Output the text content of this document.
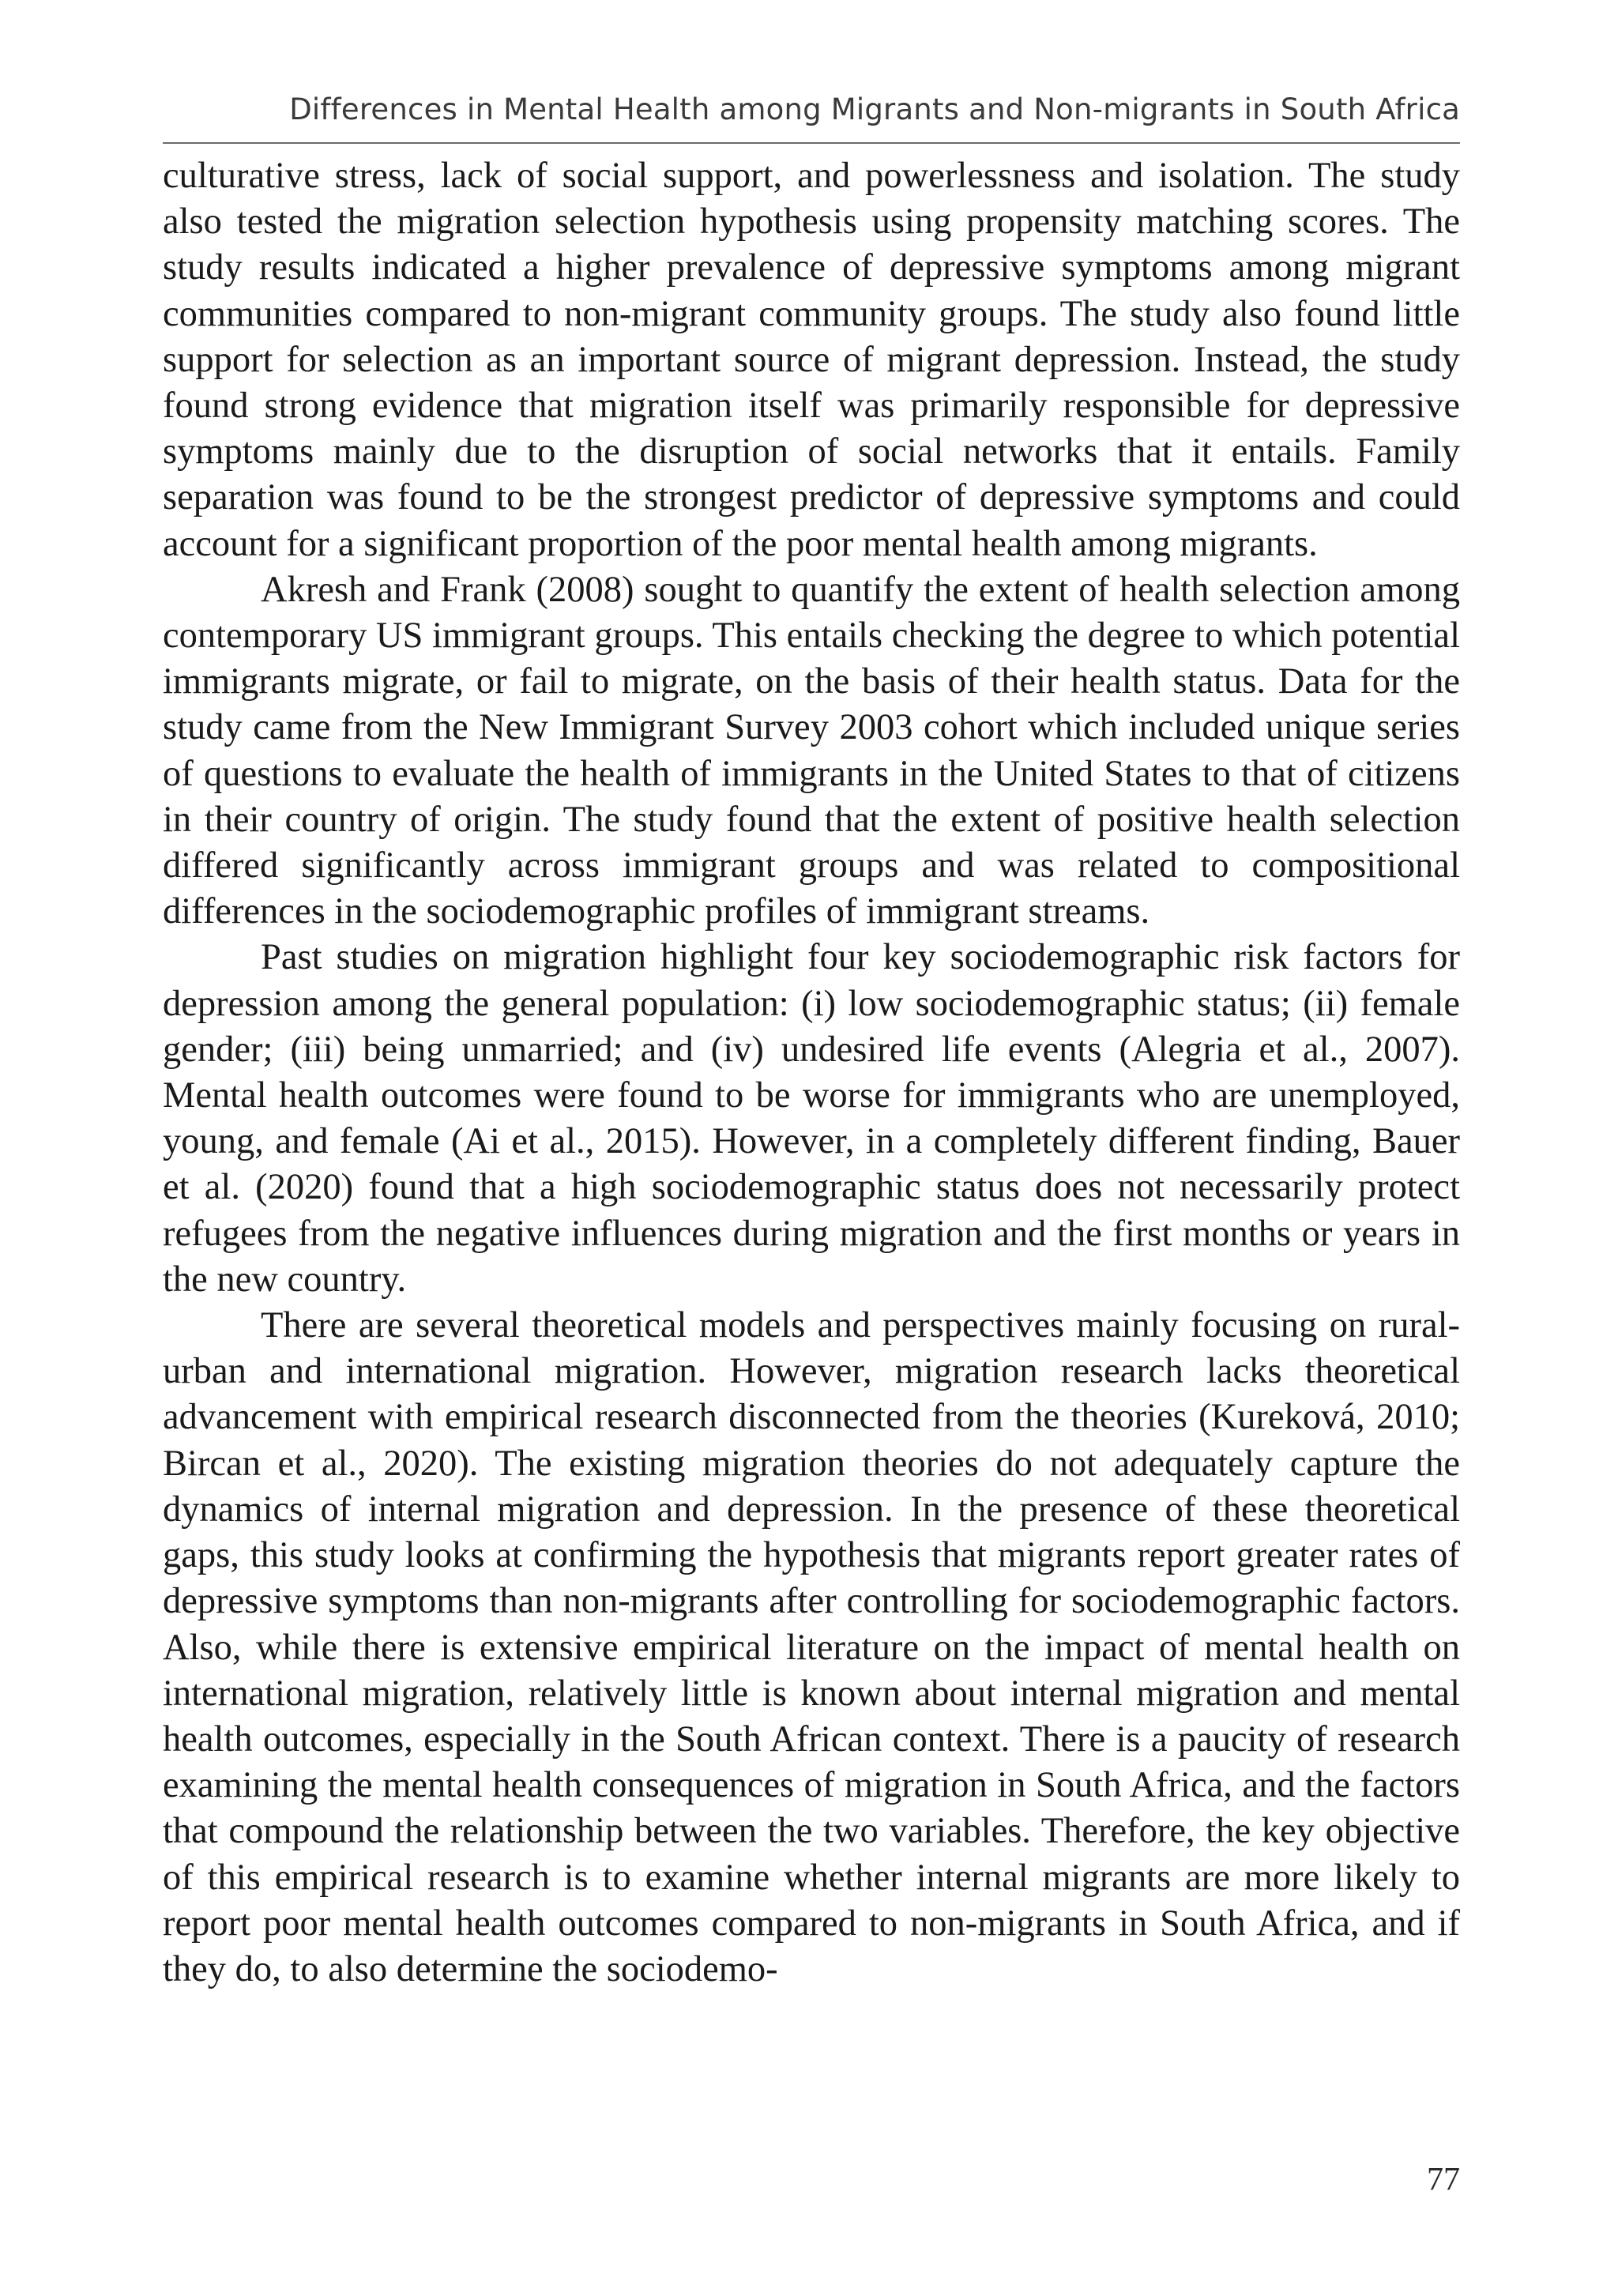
Differences in Mental Health among Migrants and Non-migrants in South Africa

culturative stress, lack of social support, and powerlessness and isolation. The study also tested the migration selection hypothesis using propensity matching scores. The study results indicated a higher prevalence of depressive symptoms among migrant communities compared to non-migrant community groups. The study also found little support for selection as an important source of migrant depression. Instead, the study found strong evidence that migration itself was primarily responsible for depressive symptoms mainly due to the disruption of social networks that it entails. Family separation was found to be the strongest predictor of depressive symptoms and could account for a significant proportion of the poor mental health among migrants.

Akresh and Frank (2008) sought to quantify the extent of health selection among contemporary US immigrant groups. This entails checking the degree to which potential immigrants migrate, or fail to migrate, on the basis of their health status. Data for the study came from the New Immigrant Survey 2003 cohort which included unique series of questions to evaluate the health of immigrants in the United States to that of citizens in their country of origin. The study found that the extent of positive health selection differed significantly across immigrant groups and was related to compositional differences in the sociodemographic profiles of immigrant streams.

Past studies on migration highlight four key sociodemographic risk factors for depression among the general population: (i) low sociodemographic status; (ii) female gender; (iii) being unmarried; and (iv) undesired life events (Alegria et al., 2007). Mental health outcomes were found to be worse for immigrants who are unemployed, young, and female (Ai et al., 2015). However, in a completely different finding, Bauer et al. (2020) found that a high sociodemographic status does not necessarily protect refugees from the negative influences during migration and the first months or years in the new country.

There are several theoretical models and perspectives mainly focusing on rural-urban and international migration. However, migration research lacks theoretical advancement with empirical research disconnected from the theories (Kureková, 2010; Bircan et al., 2020). The existing migration theories do not adequately capture the dynamics of internal migration and depression. In the presence of these theoretical gaps, this study looks at confirming the hypothesis that migrants report greater rates of depressive symptoms than non-migrants after controlling for sociodemographic factors. Also, while there is extensive empirical literature on the impact of mental health on international migration, relatively little is known about internal migration and mental health outcomes, especially in the South African context. There is a paucity of research examining the mental health consequences of migration in South Africa, and the factors that compound the relationship between the two variables. Therefore, the key objective of this empirical research is to examine whether internal migrants are more likely to report poor mental health outcomes compared to non-migrants in South Africa, and if they do, to also determine the sociodemo-

77
